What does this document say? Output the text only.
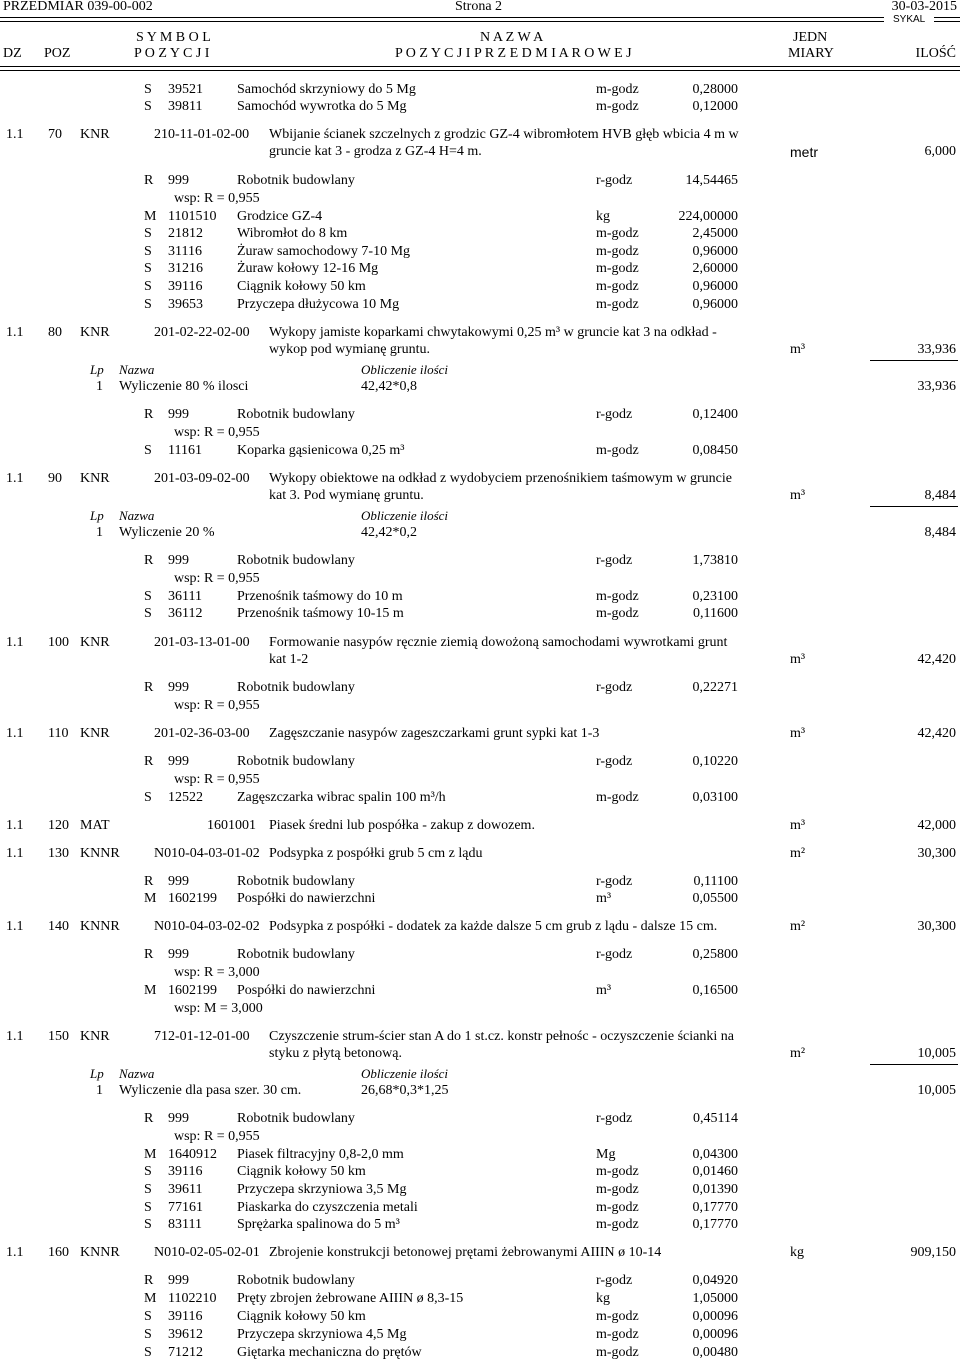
PRZEDMIAR 039-00-002	Strona 2	30-03-2015
SYKAL
S Y M B O L	N A Z W A	JEDN
DZ POZ	P O Z Y C J I	P O Z Y C J I P R Z E D M I A R O W E J	MIARY	ILOŚĆ
S 39521 Samochód skrzyniowy do 5 Mg	m-godz	0,28000
S 39811 Samochód wywrotka do 5 Mg	m-godz	0,12000
1.1 70 KNR	210-11-01-02-00 Wbijanie ścianek szczelnych z grodzic GZ-4 wibromłotem HVB głęb wbicia 4 m w
gruncie kat 3 - grodza z GZ-4 H=4 m.	metr	6,000
R 999	Robotnik budowlany	r-godz	14,54465
wsp: R = 0,955
M 1101510 Grodzice GZ-4	kg	224,00000
S 21812 Wibromłot do 8 km	m-godz	2,45000
S 31116	Żuraw samochodowy 7-10 Mg	m-godz	0,96000
S 31216 Żuraw kołowy 12-16 Mg	m-godz	2,60000
S 39116 Ciągnik kołowy 50 km	m-godz	0,96000
S 39653 Przyczepa dłużycowa 10 Mg	m-godz	0,96000
1.1 80 KNR	201-02-22-02-00 Wykopy jamiste koparkami chwytakowymi 0,25 m³ w gruncie kat 3 na odkład -
wykop pod wymianę gruntu.	m³	33,936
Lp Nazwa	Obliczenie ilości
1 Wyliczenie 80 % ilosci	42,42*0,8	33,936
R 999	Robotnik budowlany	r-godz	0,12400
wsp: R = 0,955
S 11161	Koparka gąsienicowa 0,25 m³	m-godz	0,08450
1.1 90 KNR	201-03-09-02-00 Wykopy obiektowe na odkład z wydobyciem przenośnikiem taśmowym w gruncie
kat 3. Pod wymianę gruntu.	m³	8,484
Lp Nazwa	Obliczenie ilości
1 Wyliczenie 20 %	42,42*0,2	8,484
R 999	Robotnik budowlany	r-godz	1,73810
wsp: R = 0,955
S 36111	Przenośnik taśmowy do 10 m	m-godz	0,23100
S 36112 Przenośnik taśmowy 10-15 m	m-godz	0,11600
1.1 100 KNR	201-03-13-01-00 Formowanie nasypów ręcznie ziemią dowożoną samochodami wywrotkami grunt
kat 1-2	m³	42,420
R 999	Robotnik budowlany	r-godz	0,22271
wsp: R = 0,955
1.1 110 KNR	201-02-36-03-00 Zagęszczanie nasypów zageszczarkami grunt sypki kat 1-3	m³	42,420
R 999	Robotnik budowlany	r-godz	0,10220
wsp: R = 0,955
S 12522 Zagęszczarka wibrac spalin 100 m³/h	m-godz	0,03100
1.1 120 MAT	1601001 Piasek średni lub pospółka - zakup z dowozem.	m³	42,000
1.1 130 KNNR N010-04-03-01-02 Podsypka z pospółki grub 5 cm z lądu	m²	30,300
R 999	Robotnik budowlany	r-godz	0,11100
M 1602199 Pospółki do nawierzchni	m³	0,05500
1.1 140 KNNR N010-04-03-02-02 Podsypka z pospółki - dodatek za każde dalsze 5 cm grub z lądu - dalsze 15 cm.	m²	30,300
R 999	Robotnik budowlany	r-godz	0,25800
wsp: R = 3,000
M 1602199 Pospółki do nawierzchni	m³	0,16500
wsp: M = 3,000
1.1 150 KNR	712-01-12-01-00 Czyszczenie strum-ścier stan A do 1 st.cz. konstr pełnośc - oczyszczenie ścianki na
styku z płytą betonową.	m²	10,005
Lp Nazwa	Obliczenie ilości
1 Wyliczenie dla pasa szer. 30 cm.	26,68*0,3*1,25	10,005
R 999	Robotnik budowlany	r-godz	0,45114
wsp: R = 0,955
M 1640912 Piasek filtracyjny 0,8-2,0 mm	Mg	0,04300
S 39116 Ciągnik kołowy 50 km	m-godz	0,01460
S 39611 Przyczepa skrzyniowa 3,5 Mg	m-godz	0,01390
S 77161 Piaskarka do czyszczenia metali	m-godz	0,17770
S 83111	Sprężarka spalinowa do 5 m³	m-godz	0,17770
1.1 160 KNNR N010-02-05-02-01 Zbrojenie konstrukcji betonowej prętami żebrowanymi AIIIN ø 10-14	kg	909,150
R 999	Robotnik budowlany	r-godz	0,04920
M 1102210 Pręty zbrojen żebrowane AIIIN ø 8,3-15	kg	1,05000
S 39116 Ciągnik kołowy 50 km	m-godz	0,00096
S 39612 Przyczepa skrzyniowa 4,5 Mg	m-godz	0,00096
S 71212 Giętarka mechaniczna do prętów	m-godz	0,00480
